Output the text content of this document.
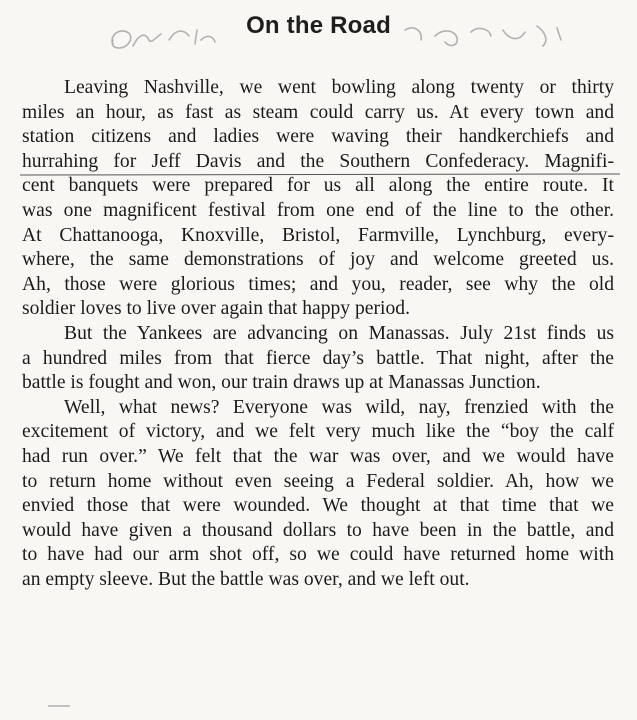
On the Road
Leaving Nashville, we went bowling along twenty or thirty
miles an hour, as fast as steam could carry us. At every town and
station citizens and ladies were waving their handkerchiefs and
hurrahing for Jeff Davis and the Southern Confederacy. Magnifi-
cent banquets were prepared for us all along the entire route. It
was one magnificent festival from one end of the line to the other.
At Chattanooga, Knoxville, Bristol, Farmville, Lynchburg, every-
where, the same demonstrations of joy and welcome greeted us.
Ah, those were glorious times; and you, reader, see why the old
soldier loves to live over again that happy period.
But the Yankees are advancing on Manassas. July 21st finds us
a hundred miles from that fierce day’s battle. That night, after the
battle is fought and won, our train draws up at Manassas Junction.
Well, what news? Everyone was wild, nay, frenzied with the
excitement of victory, and we felt very much like the “boy the calf
had run over.” We felt that the war was over, and we would have
to return home without even seeing a Federal soldier. Ah, how we
envied those that were wounded. We thought at that time that we
would have given a thousand dollars to have been in the battle, and
to have had our arm shot off, so we could have returned home with
an empty sleeve. But the battle was over, and we left out.
